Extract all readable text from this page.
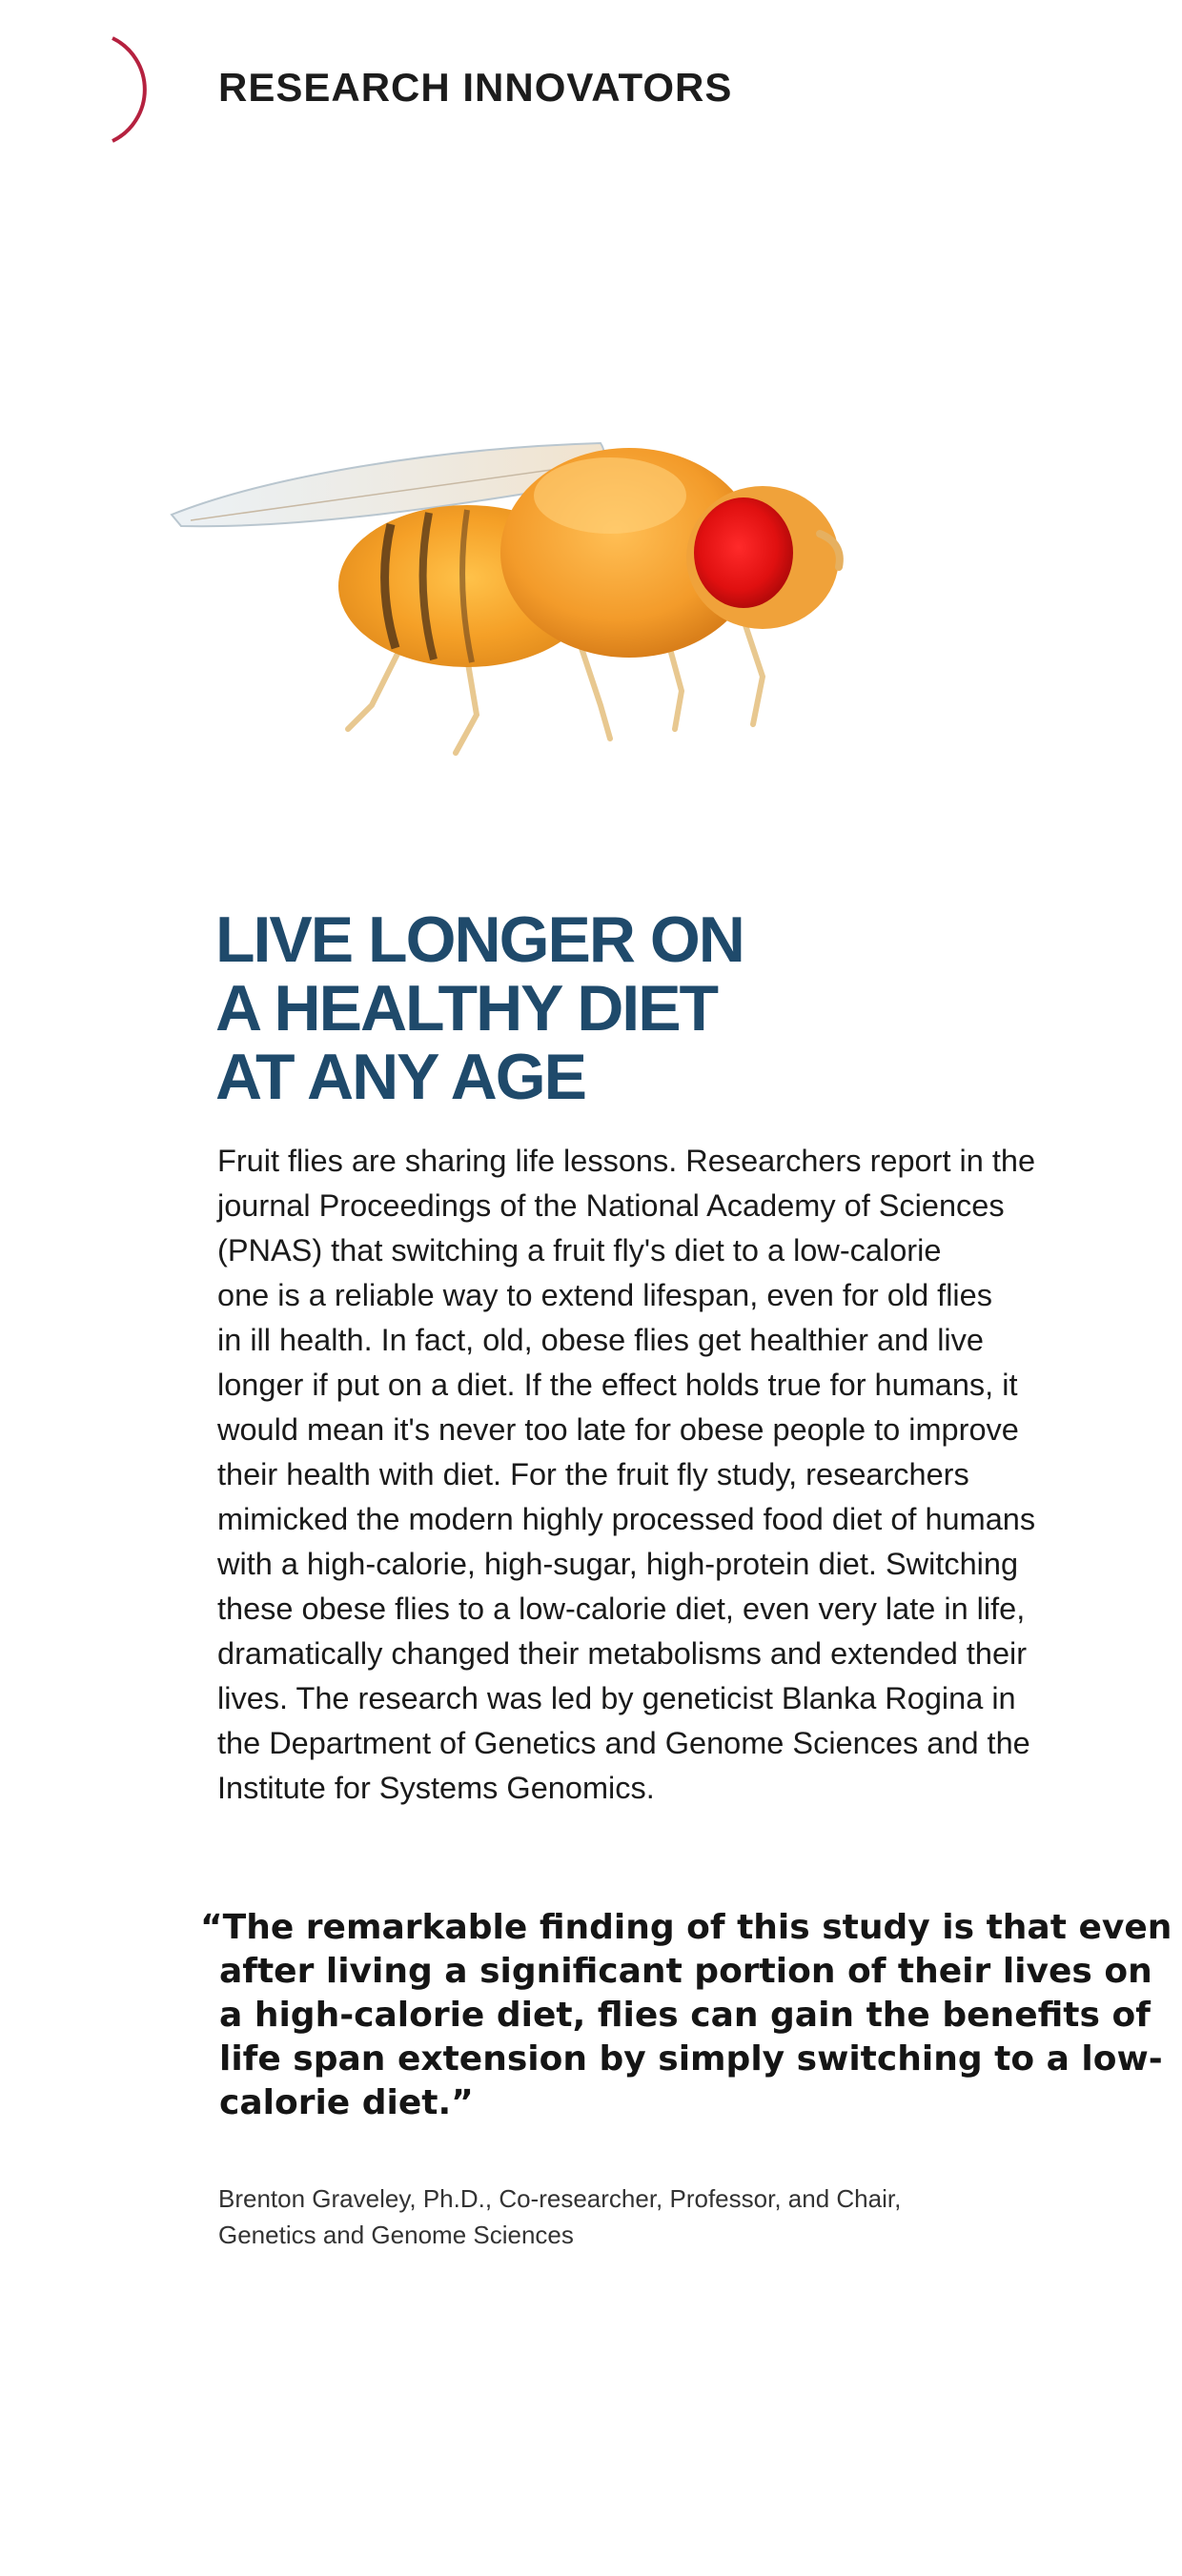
RESEARCH INNOVATORS
LIVE LONGER ON
A HEALTHY DIET
AT ANY AGE
Fruit flies are sharing life lessons. Researchers report in the
journal Proceedings of the National Academy of Sciences
(PNAS) that switching a fruit fly's diet to a low-calorie
one is a reliable way to extend lifespan, even for old flies
in ill health. In fact, old, obese flies get healthier and live
longer if put on a diet. If the effect holds true for humans, it
would mean it's never too late for obese people to improve
their health with diet. For the fruit fly study, researchers
mimicked the modern highly processed food diet of humans
with a high-calorie, high-sugar, high-protein diet. Switching
these obese flies to a low-calorie diet, even very late in life,
dramatically changed their metabolisms and extended their
lives. The research was led by geneticist Blanka Rogina in
the Department of Genetics and Genome Sciences and the
Institute for Systems Genomics.
“The remarkable finding of this study is that even
after living a significant portion of their lives on
a high-calorie diet, flies can gain the benefits of
life span extension by simply switching to a low-
calorie diet.”
Brenton Graveley, Ph.D., Co-researcher, Professor, and Chair,
Genetics and Genome Sciences
